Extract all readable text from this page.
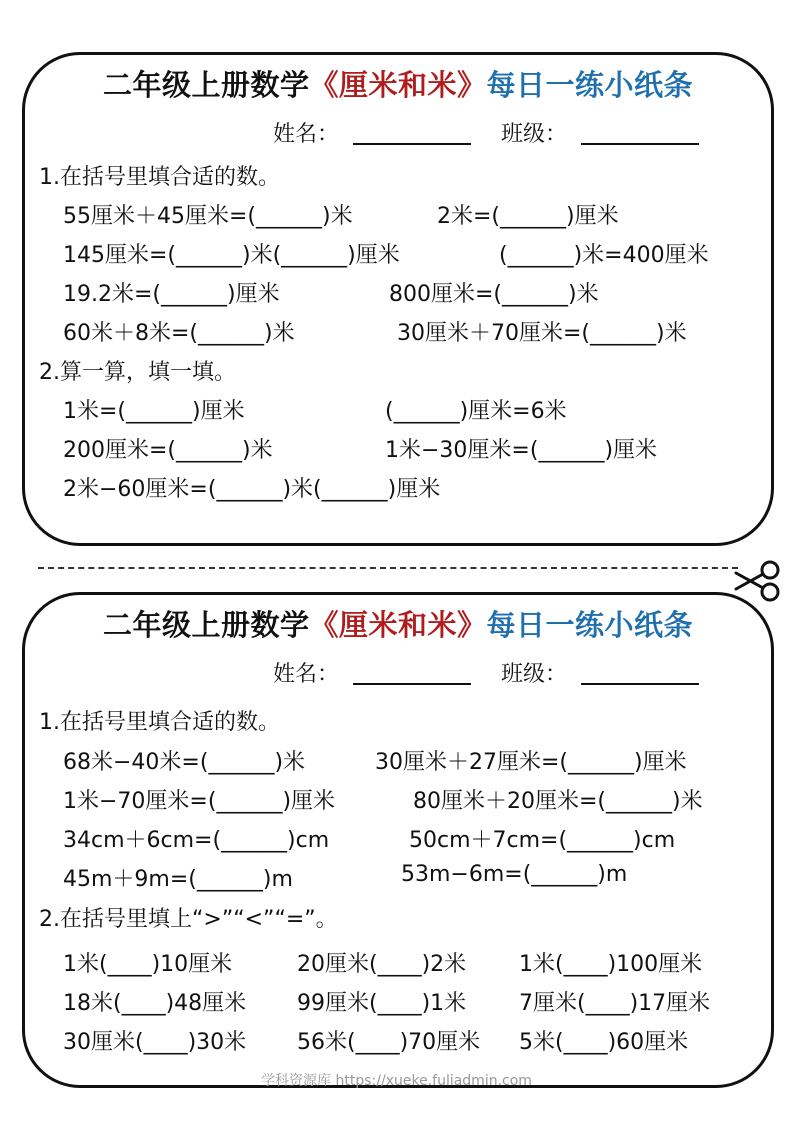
二年级上册数学《厘米和米》每日一练小纸条
姓名：	班级：
1.在括号里填合适的数。
55厘米＋45厘米=(______)米	2米=(______)厘米
145厘米=(______)米(______)厘米	(______)米=400厘米
19.2米=(______)厘米	800厘米=(______)米
60米＋8米=(______)米	30厘米＋70厘米=(______)米
2.算一算，填一填。
1米=(______)厘米	(______)厘米=6米
200厘米=(______)米	1米−30厘米=(______)厘米
2米−60厘米=(______)米(______)厘米
二年级上册数学《厘米和米》每日一练小纸条
姓名：	班级：
1.在括号里填合适的数。
68米−40米=(______)米	30厘米＋27厘米=(______)厘米
1米−70厘米=(______)厘米	80厘米＋20厘米=(______)米
34cm＋6cm=(______)cm	50cm＋7cm=(______)cm
45m＋9m=(______)m	53m−6m=(______)m
2.在括号里填上“>”“<”“=”。
1米(____)10厘米	20厘米(____)2米 1米(____)100厘米
18米(____)48厘米 99厘米(____)1米 7厘米(____)17厘米
30厘米(____)30米 56米(____)70厘米 5米(____)60厘米
学科资源库 https://xueke.fuliadmin.com
